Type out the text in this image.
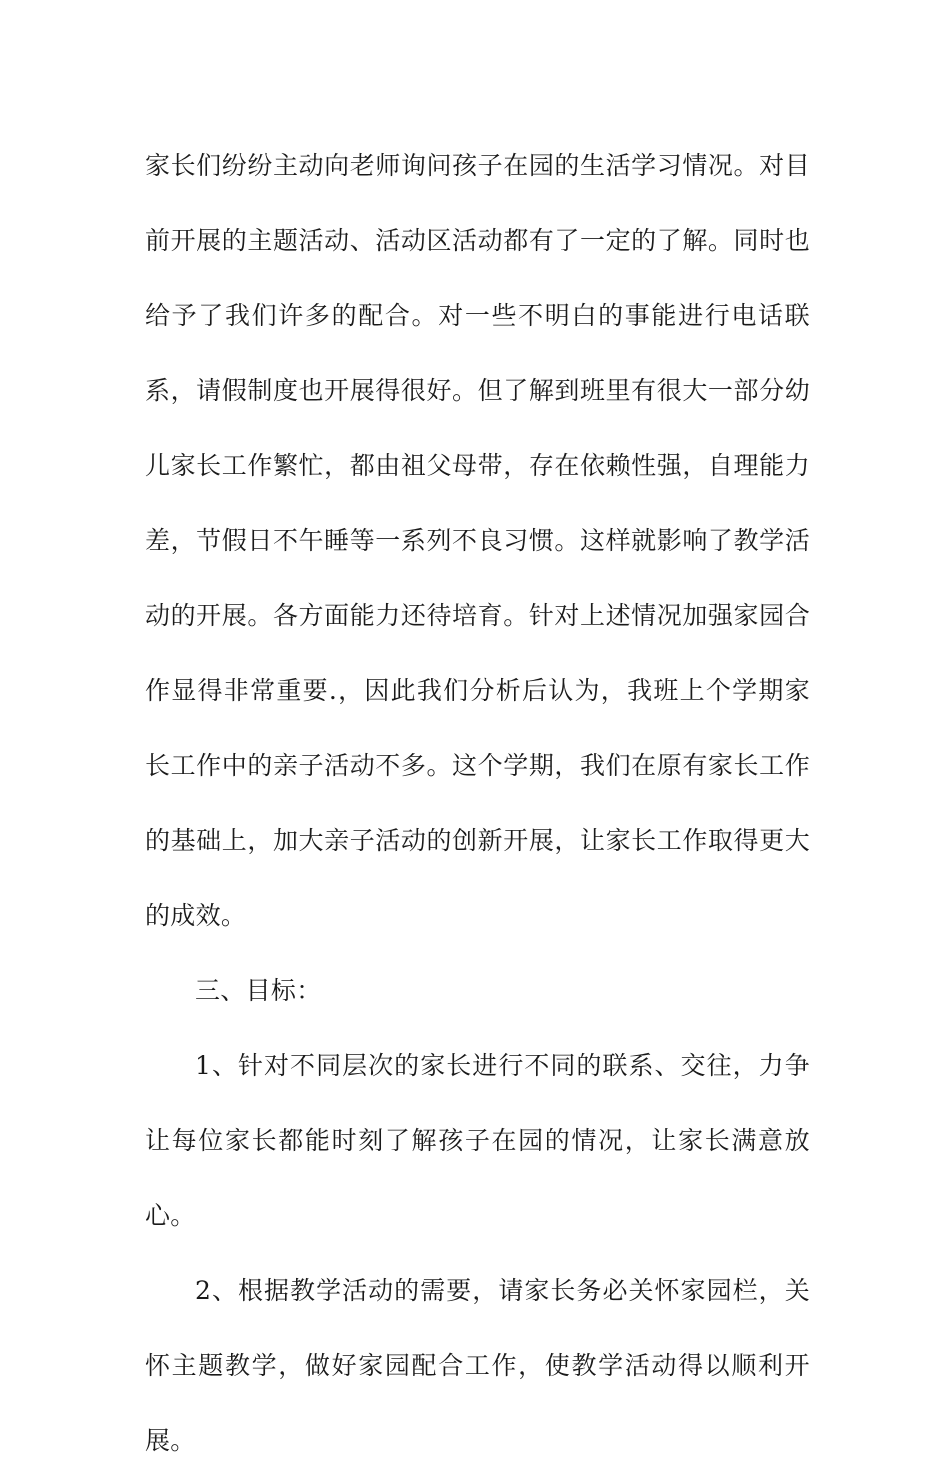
家长们纷纷主动向老师询问孩子在园的生活学习情况。对目前开展的主题活动、活动区活动都有了一定的了解。同时也给予了我们许多的配合。对一些不明白的事能进行电话联系，请假制度也开展得很好。但了解到班里有很大一部分幼儿家长工作繁忙，都由祖父母带，存在依赖性强，自理能力差，节假日不午睡等一系列不良习惯。这样就影响了教学活动的开展。各方面能力还待培育。针对上述情况加强家园合作显得非常重要.，因此我们分析后认为，我班上个学期家长工作中的亲子活动不多。这个学期，我们在原有家长工作的基础上，加大亲子活动的创新开展，让家长工作取得更大的成效。

三、目标：

1、针对不同层次的家长进行不同的联系、交往，力争让每位家长都能时刻了解孩子在园的情况，让家长满意放心。

2、根据教学活动的需要，请家长务必关怀家园栏，关怀主题教学，做好家园配合工作，使教学活动得以顺利开展。
